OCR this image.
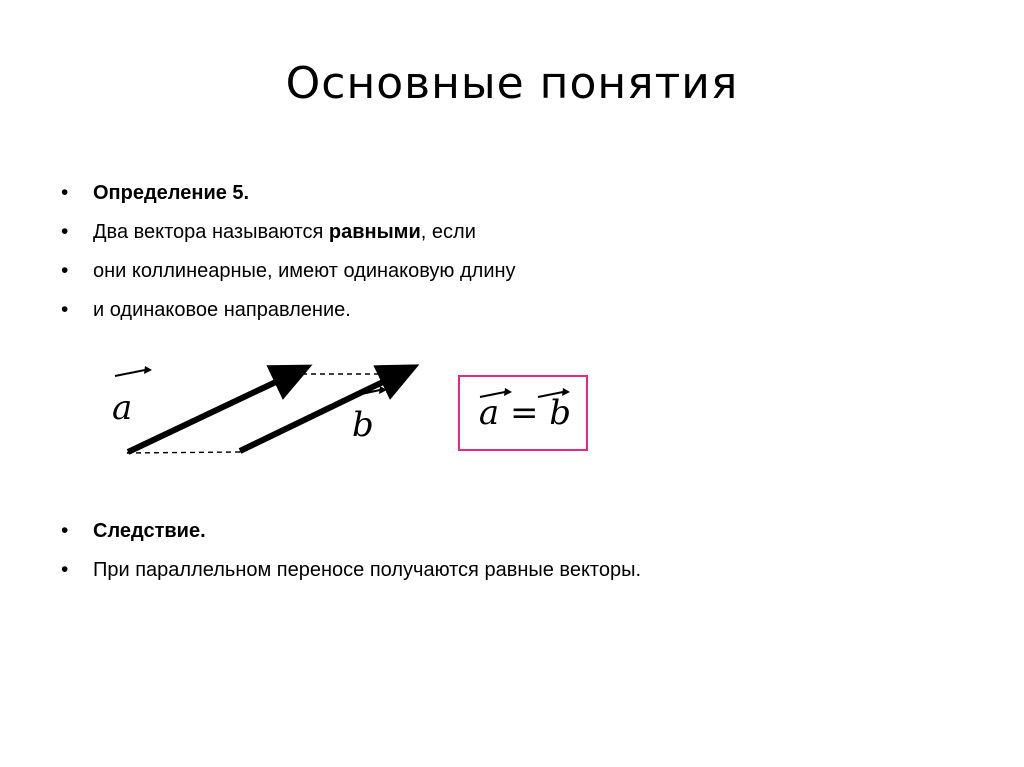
Основные понятия
•	Определение 5.
•	Два вектора называются равными, если
•	они коллинеарные, имеют одинаковую длину
•	и одинаковое направление.
a	b	a = b
•	Следствие.
•	При параллельном переносе получаются равные векторы.
